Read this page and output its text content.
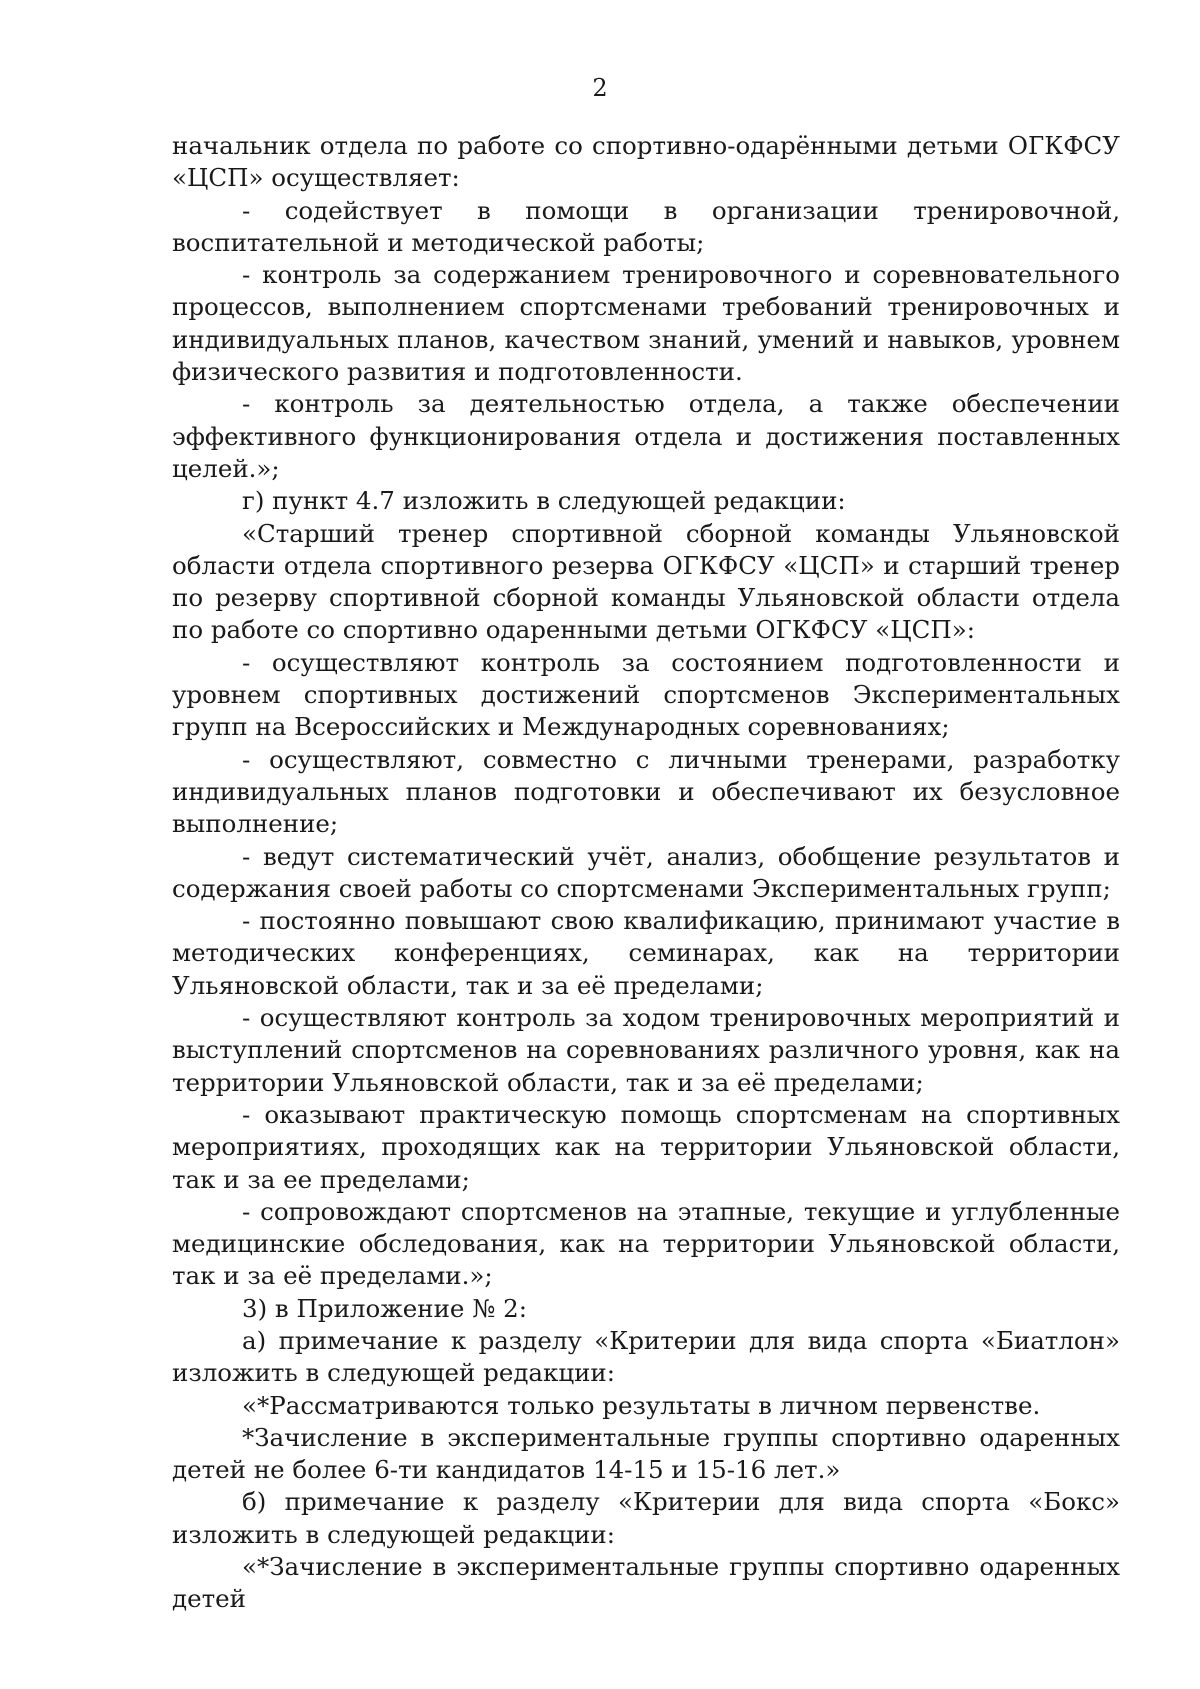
2

начальник отдела по работе со спортивно-одарёнными детьми ОГКФСУ «ЦСП» осуществляет:

- содействует в помощи в организации тренировочной, воспитательной и методической работы;

- контроль за содержанием тренировочного и соревновательного процессов, выполнением спортсменами требований тренировочных и индивидуальных планов, качеством знаний, умений и навыков, уровнем физического развития и подготовленности.

- контроль за деятельностью отдела, а также обеспечении эффективного функционирования отдела и достижения поставленных целей.»;

г) пункт 4.7 изложить в следующей редакции:

«Старший тренер спортивной сборной команды Ульяновской области отдела спортивного резерва ОГКФСУ «ЦСП» и старший тренер по резерву спортивной сборной команды Ульяновской области отдела по работе со спортивно одаренными детьми ОГКФСУ «ЦСП»:

- осуществляют контроль за состоянием подготовленности и уровнем спортивных достижений спортсменов Экспериментальных групп на Всероссийских и Международных соревнованиях;

- осуществляют, совместно с личными тренерами, разработку индивидуальных планов подготовки и обеспечивают их безусловное выполнение;

- ведут систематический учёт, анализ, обобщение результатов и содержания своей работы со спортсменами Экспериментальных групп;

- постоянно повышают свою квалификацию, принимают участие в методических конференциях, семинарах, как на территории Ульяновской области, так и за её пределами;

- осуществляют контроль за ходом тренировочных мероприятий и выступлений спортсменов на соревнованиях различного уровня, как на территории Ульяновской области, так и за её пределами;

- оказывают практическую помощь спортсменам на спортивных мероприятиях, проходящих как на территории Ульяновской области, так и за ее пределами;

- сопровождают спортсменов на этапные, текущие и углубленные медицинские обследования, как на территории Ульяновской области, так и за её пределами.»;

3) в Приложение № 2:

а) примечание к разделу «Критерии для вида спорта «Биатлон» изложить в следующей редакции:

«*Рассматриваются только результаты в личном первенстве.

*Зачисление в экспериментальные группы спортивно одаренных детей не более 6-ти кандидатов 14-15 и 15-16 лет.»

б) примечание к разделу «Критерии для вида спорта «Бокс» изложить в следующей редакции:

«*Зачисление в экспериментальные группы спортивно одаренных детей
